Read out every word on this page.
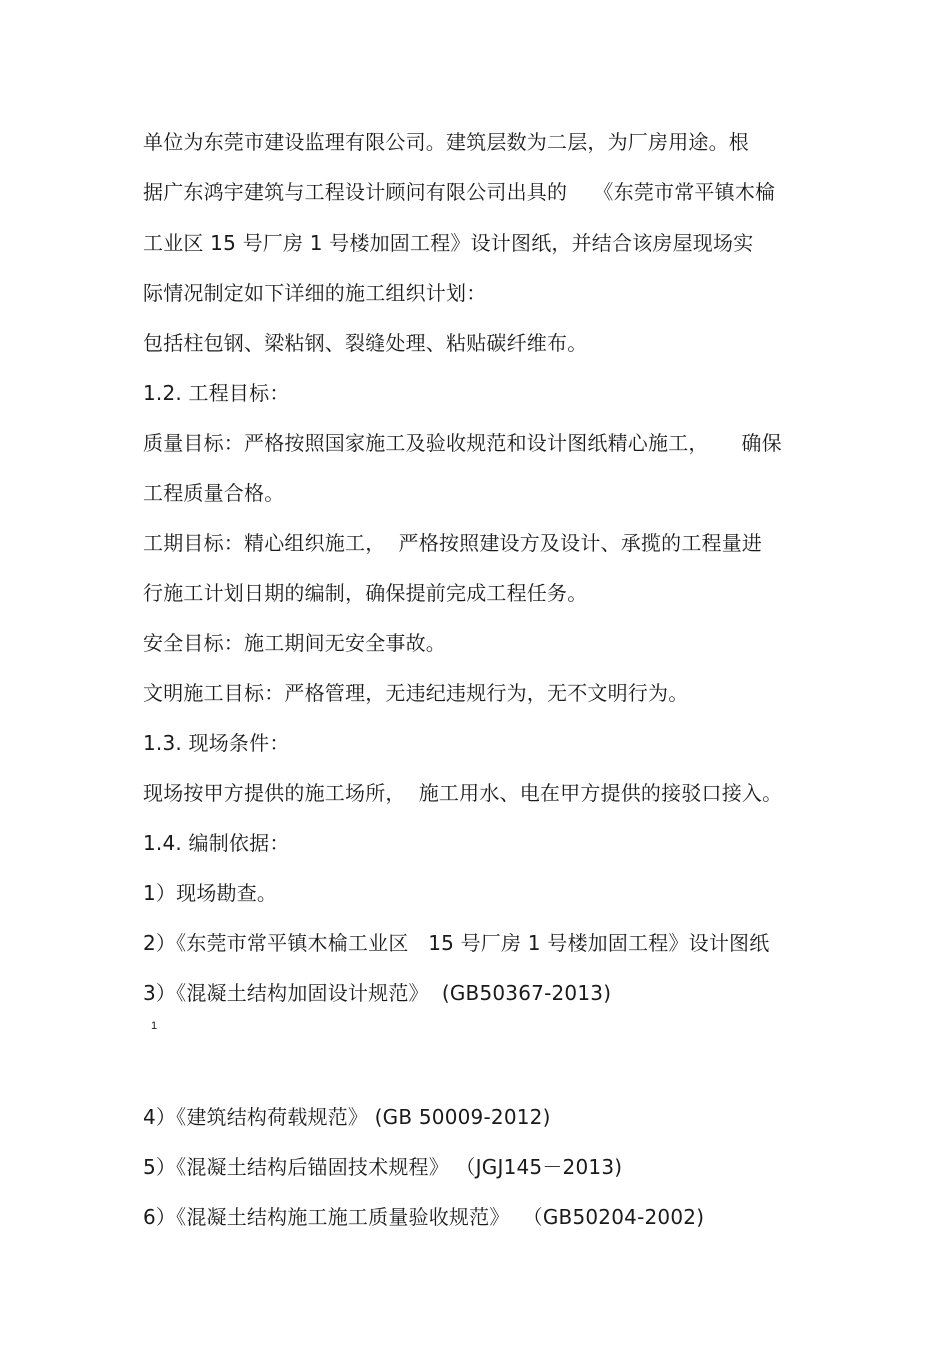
单位为东莞市建设监理有限公司。建筑层数为二层，为厂房用途。根

据广东鸿宇建筑与工程设计顾问有限公司出具的    《东莞市常平镇木棆

工业区 15 号厂房 1 号楼加固工程》设计图纸，并结合该房屋现场实

际情况制定如下详细的施工组织计划：

包括柱包钢、梁粘钢、裂缝处理、粘贴碳纤维布。

1.2. 工程目标：

质量目标：严格按照国家施工及验收规范和设计图纸精心施工，     确保

工程质量合格。

工期目标：精心组织施工，  严格按照建设方及设计、承揽的工程量进

行施工计划日期的编制，确保提前完成工程任务。

安全目标：施工期间无安全事故。

文明施工目标：严格管理，无违纪违规行为，无不文明行为。

1.3. 现场条件：

现场按甲方提供的施工场所，  施工用水、电在甲方提供的接驳口接入。

1.4. 编制依据：

1）现场勘查。

2）《东莞市常平镇木棆工业区   15 号厂房 1 号楼加固工程》设计图纸

3）《混凝土结构加固设计规范》  (GB50367-2013)

1

4）《建筑结构荷载规范》 (GB 50009-2012)

5）《混凝土结构后锚固技术规程》 （JGJ145－2013)

6）《混凝土结构施工施工质量验收规范》  （GB50204-2002)
